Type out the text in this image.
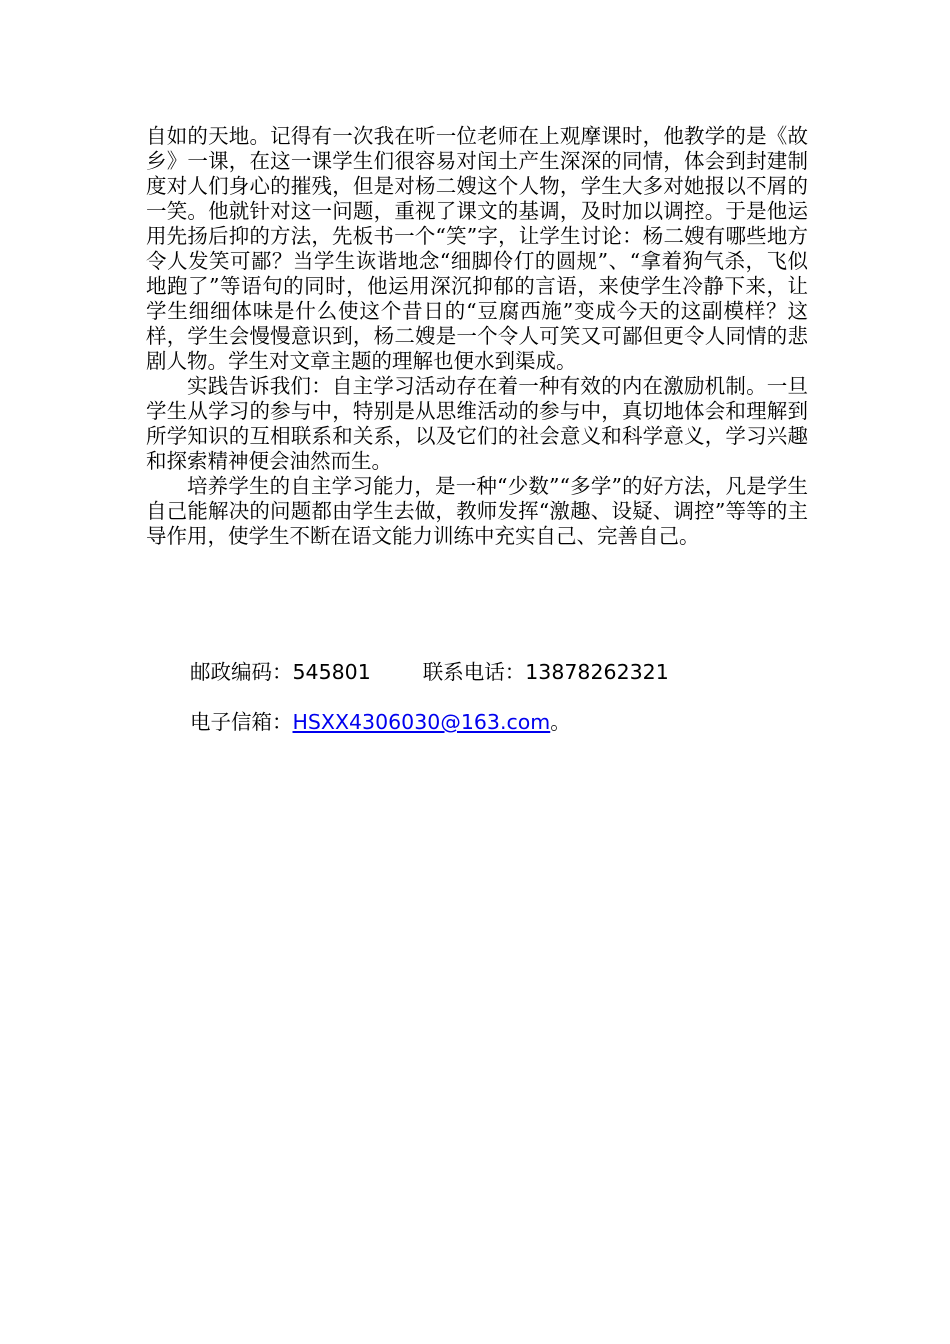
自如的天地。记得有一次我在听一位老师在上观摩课时，他教学的是《故乡》一课，在这一课学生们很容易对闰土产生深深的同情，体会到封建制度对人们身心的摧残，但是对杨二嫂这个人物，学生大多对她报以不屑的一笑。他就针对这一问题，重视了课文的基调，及时加以调控。于是他运用先扬后抑的方法，先板书一个“笑”字，让学生讨论：杨二嫂有哪些地方令人发笑可鄙？当学生诙谐地念“细脚伶仃的圆规”、“拿着狗气杀，飞似地跑了”等语句的同时，他运用深沉抑郁的言语，来使学生冷静下来，让学生细细体味是什么使这个昔日的“豆腐西施”变成今天的这副模样？这样，学生会慢慢意识到，杨二嫂是一个令人可笑又可鄙但更令人同情的悲剧人物。学生对文章主题的理解也便水到渠成。

实践告诉我们：自主学习活动存在着一种有效的内在激励机制。一旦学生从学习的参与中，特别是从思维活动的参与中，真切地体会和理解到所学知识的互相联系和关系，以及它们的社会意义和科学意义，学习兴趣和探索精神便会油然而生。

培养学生的自主学习能力，是一种“少数”“多学”的好方法，凡是学生自己能解决的问题都由学生去做，教师发挥“激趣、设疑、调控”等等的主导作用，使学生不断在语文能力训练中充实自己、完善自己。

邮政编码：545801	联系电话：13878262321
电子信箱：HSXX4306030@163.com。
